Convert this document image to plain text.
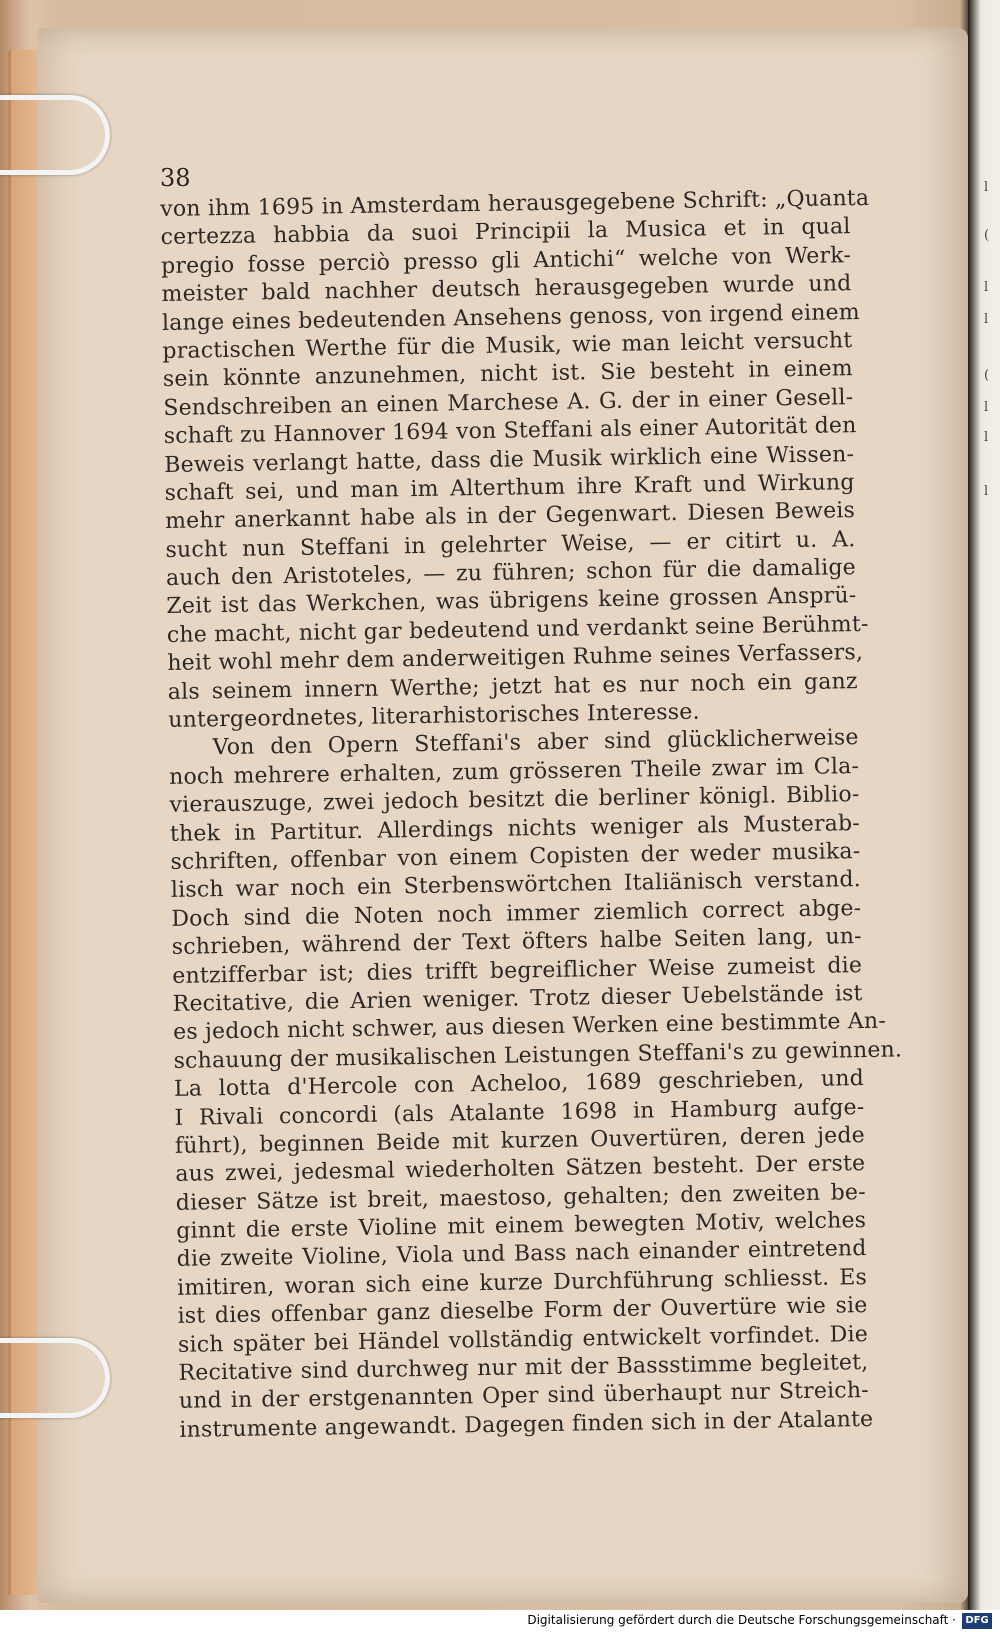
l
(
l
l
(
l
l
l
38
von ihm 1695 in Amsterdam herausgegebene Schrift: „Quanta
certezza habbia da suoi Principii la Musica et in qual
pregio fosse perciò presso gli Antichi“ welche von Werk-
meister bald nachher deutsch herausgegeben wurde und
lange eines bedeutenden Ansehens genoss, von irgend einem
practischen Werthe für die Musik, wie man leicht versucht
sein könnte anzunehmen, nicht ist. Sie besteht in einem
Sendschreiben an einen Marchese A. G. der in einer Gesell-
schaft zu Hannover 1694 von Steffani als einer Autorität den
Beweis verlangt hatte, dass die Musik wirklich eine Wissen-
schaft sei, und man im Alterthum ihre Kraft und Wirkung
mehr anerkannt habe als in der Gegenwart. Diesen Beweis
sucht nun Steffani in gelehrter Weise, — er citirt u. A.
auch den Aristoteles, — zu führen; schon für die damalige
Zeit ist das Werkchen, was übrigens keine grossen Ansprü-
che macht, nicht gar bedeutend und verdankt seine Berühmt-
heit wohl mehr dem anderweitigen Ruhme seines Verfassers,
als seinem innern Werthe; jetzt hat es nur noch ein ganz
untergeordnetes, literarhistorisches Interesse.
Von den Opern Steffani's aber sind glücklicherweise
noch mehrere erhalten, zum grösseren Theile zwar im Cla-
vierauszuge, zwei jedoch besitzt die berliner königl. Biblio-
thek in Partitur. Allerdings nichts weniger als Musterab-
schriften, offenbar von einem Copisten der weder musika-
lisch war noch ein Sterbenswörtchen Italiänisch verstand.
Doch sind die Noten noch immer ziemlich correct abge-
schrieben, während der Text öfters halbe Seiten lang, un-
entzifferbar ist; dies trifft begreiflicher Weise zumeist die
Recitative, die Arien weniger. Trotz dieser Uebelstände ist
es jedoch nicht schwer, aus diesen Werken eine bestimmte An-
schauung der musikalischen Leistungen Steffani's zu gewinnen.
La lotta d'Hercole con Acheloo, 1689 geschrieben, und
I Rivali concordi (als Atalante 1698 in Hamburg aufge-
führt), beginnen Beide mit kurzen Ouvertüren, deren jede
aus zwei, jedesmal wiederholten Sätzen besteht. Der erste
dieser Sätze ist breit, maestoso, gehalten; den zweiten be-
ginnt die erste Violine mit einem bewegten Motiv, welches
die zweite Violine, Viola und Bass nach einander eintretend
imitiren, woran sich eine kurze Durchführung schliesst. Es
ist dies offenbar ganz dieselbe Form der Ouvertüre wie sie
sich später bei Händel vollständig entwickelt vorfindet. Die
Recitative sind durchweg nur mit der Bassstimme begleitet,
und in der erstgenannten Oper sind überhaupt nur Streich-
instrumente angewandt. Dagegen finden sich in der Atalante
Digitalisierung gefördert durch die Deutsche Forschungsgemeinschaft · DFG
